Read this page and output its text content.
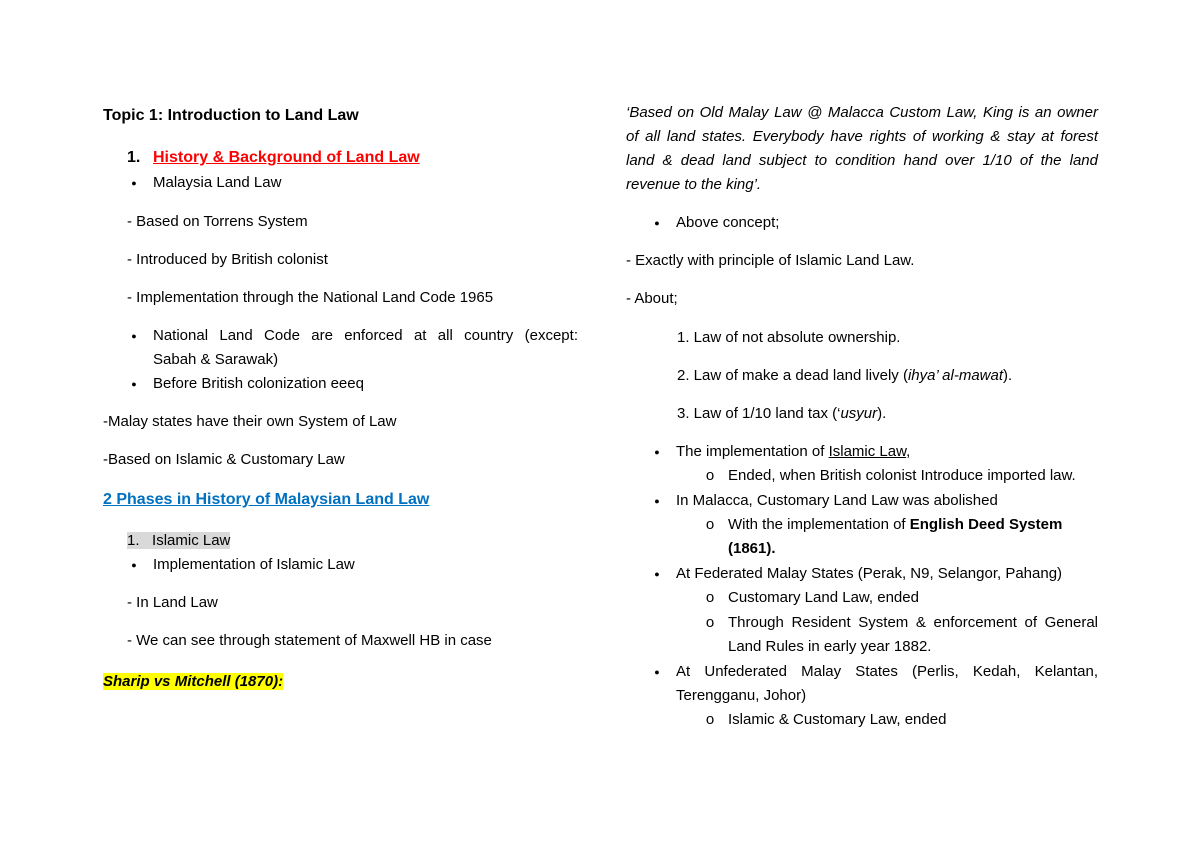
Topic 1: Introduction to Land Law
1. History & Background of Land Law
● Malaysia Land Law
- Based on Torrens System
- Introduced by British colonist
- Implementation through the National Land Code 1965
● National Land Code are enforced at all country (except:
Sabah & Sarawak)
● Before British colonization eeeq
-Malay states have their own System of Law
-Based on Islamic & Customary Law
2 Phases in History of Malaysian Land Law
1. Islamic Law
● Implementation of Islamic Law
- In Land Law
- We can see through statement of Maxwell HB in case
Sharip vs Mitchell (1870):
‘Based on Old Malay Law @ Malacca Custom Law, King is an owner
of all land states. Everybody have rights of working & stay at forest
land & dead land subject to condition hand over 1/10 of the land
revenue to the king’.
● Above concept;
- Exactly with principle of Islamic Land Law.
- About;
1. Law of not absolute ownership.
2. Law of make a dead land lively (ihya’ al-mawat).
3. Law of 1/10 land tax (‘usyur).
● The implementation of Islamic Law,
o Ended, when British colonist Introduce imported law.
● In Malacca, Customary Land Law was abolished
o With the implementation of English Deed System
(1861).
● At Federated Malay States (Perak, N9, Selangor, Pahang)
o Customary Land Law, ended
o Through Resident System & enforcement of General
Land Rules in early year 1882.
● At Unfederated Malay States (Perlis, Kedah, Kelantan,
Terengganu, Johor)
o Islamic & Customary Law, ended
